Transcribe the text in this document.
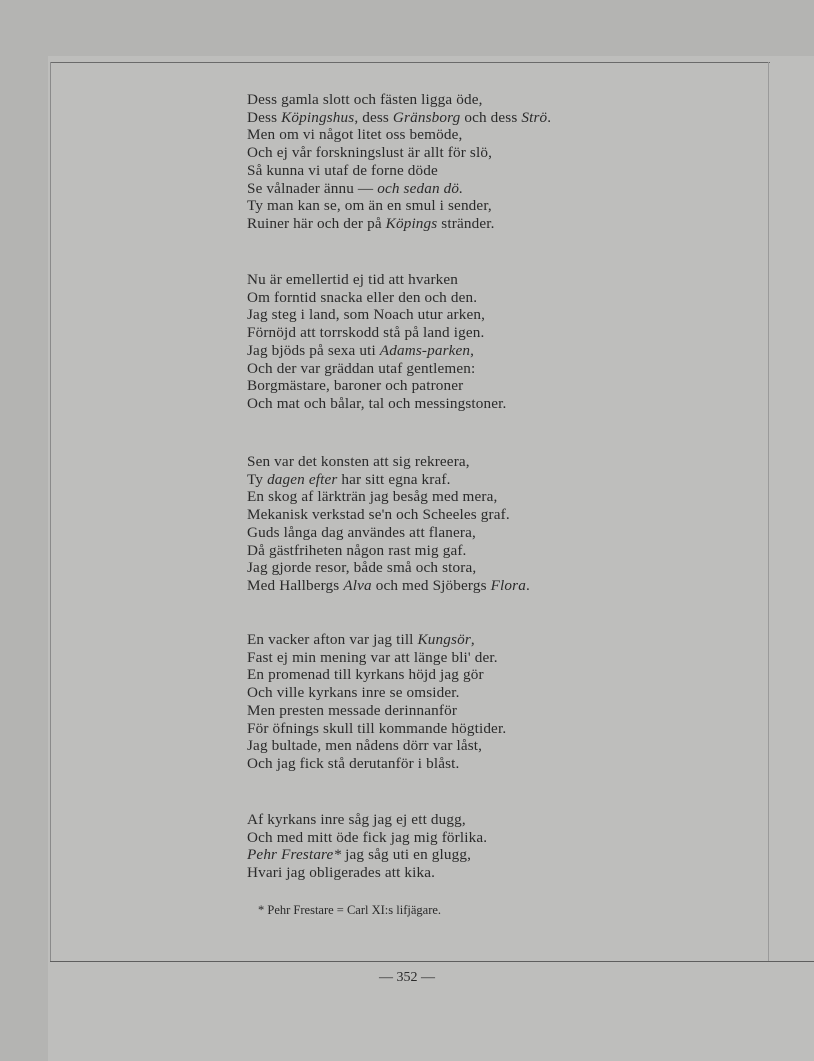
Dess gamla slott och fästen ligga öde,
Dess Köpingshus, dess Gränsborg och dess Strö.
Men om vi något litet oss bemöde,
Och ej vår forskningslust är allt för slö,
Så kunna vi utaf de forne döde
Se vålnader ännu — och sedan dö.
Ty man kan se, om än en smul i sender,
Ruiner här och der på Köpings stränder.
Nu är emellertid ej tid att hvarken
Om forntid snacka eller den och den.
Jag steg i land, som Noach utur arken,
Förnöjd att torrskodd stå på land igen.
Jag bjöds på sexa uti Adams-parken,
Och der var gräddan utaf gentlemen:
Borgmästare, baroner och patroner
Och mat och bålar, tal och messingstoner.
Sen var det konsten att sig rekreera,
Ty dagen efter har sitt egna kraf.
En skog af lärkträn jag besåg med mera,
Mekanisk verkstad se'n och Scheeles graf.
Guds långa dag användes att flanera,
Då gästfriheten någon rast mig gaf.
Jag gjorde resor, både små och stora,
Med Hallbergs Alva och med Sjöbergs Flora.
En vacker afton var jag till Kungsör,
Fast ej min mening var att länge bli' der.
En promenad till kyrkans höjd jag gör
Och ville kyrkans inre se omsider.
Men presten messade derinnanför
För öfnings skull till kommande högtider.
Jag bultade, men nådens dörr var låst,
Och jag fick stå derutanför i blåst.
Af kyrkans inre såg jag ej ett dugg,
Och med mitt öde fick jag mig förlika.
Pehr Frestare* jag såg uti en glugg,
Hvari jag obligerades att kika.
* Pehr Frestare = Carl XI:s lifjägare.
— 352 —
